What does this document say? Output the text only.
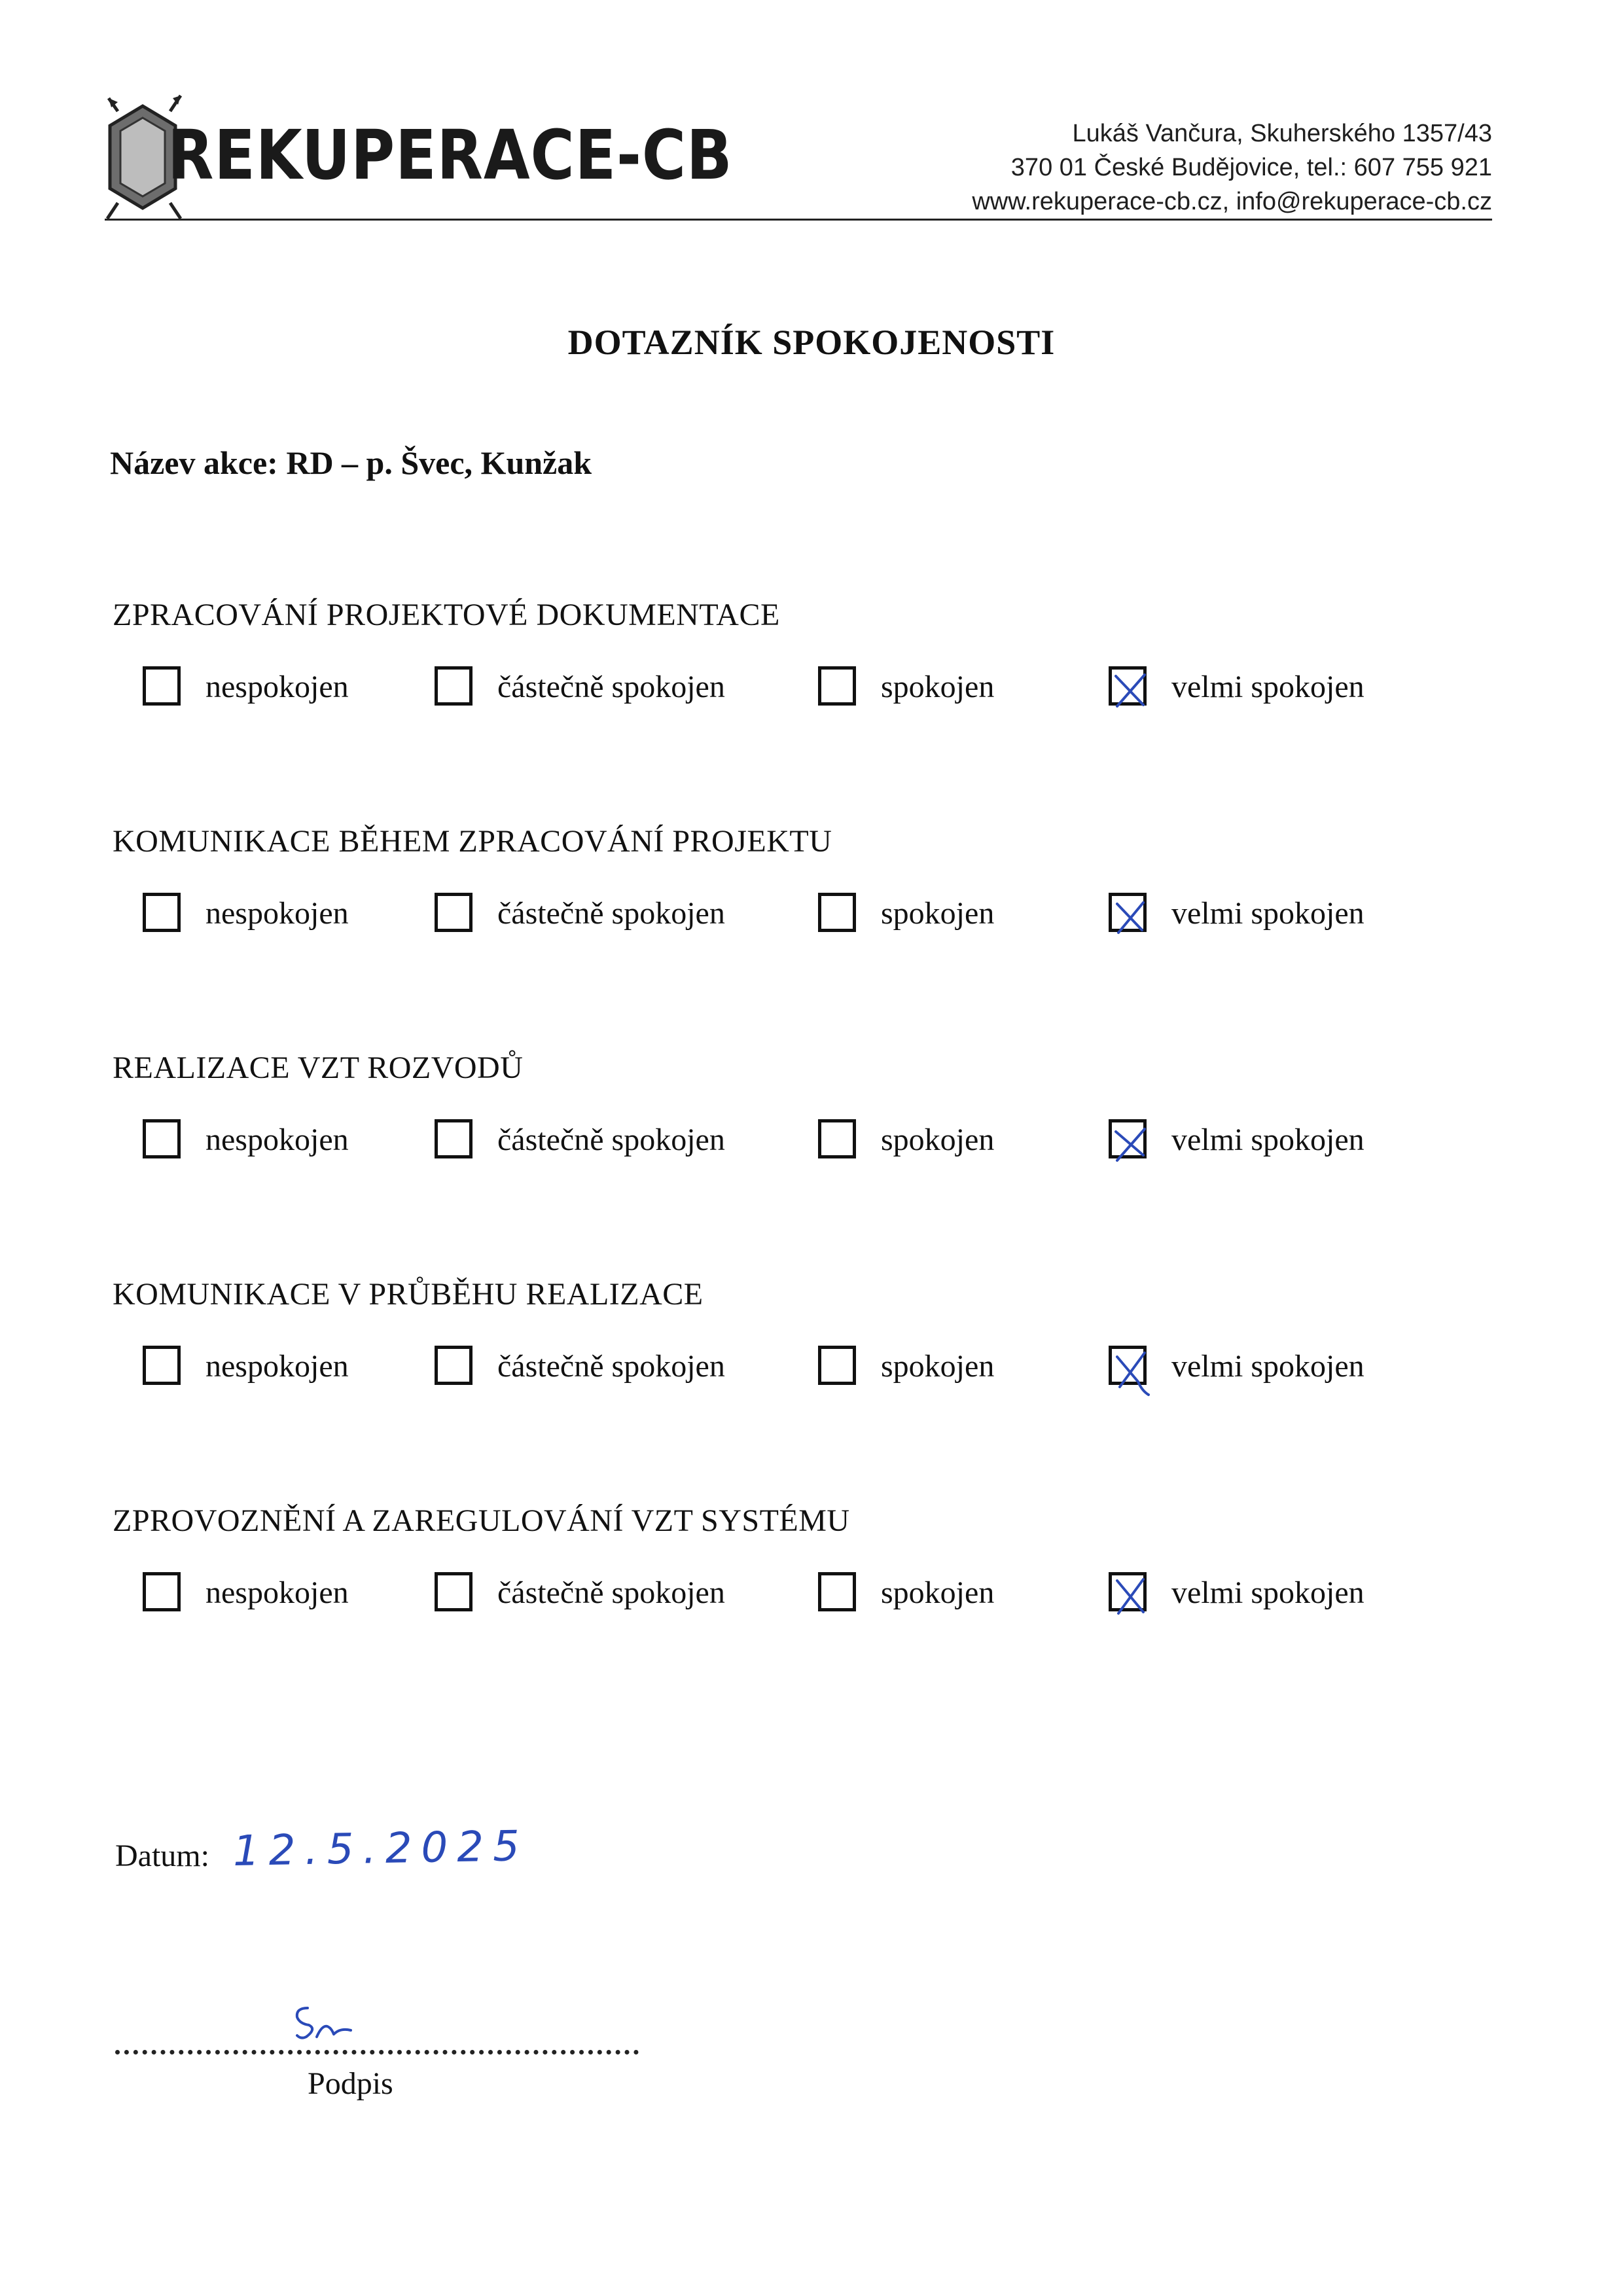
REKUPERACE-CB	Lukáš Vančura, Skuherského 1357/43
370 01 České Budějovice, tel.: 607 755 921
www.rekuperace-cb.cz, info@rekuperace-cb.cz
DOTAZNÍK SPOKOJENOSTI
Název akce: RD – p. Švec, Kunžak
ZPRACOVÁNÍ PROJEKTOVÉ DOKUMENTACE
nespokojen	částečně spokojen	spokojen	velmi spokojen
KOMUNIKACE BĚHEM ZPRACOVÁNÍ PROJEKTU
nespokojen	částečně spokojen	spokojen	velmi spokojen
REALIZACE VZT ROZVODŮ
nespokojen	částečně spokojen	spokojen	velmi spokojen
KOMUNIKACE V PRŮBĚHU REALIZACE
nespokojen	částečně spokojen	spokojen	velmi spokojen
ZPROVOZNĚNÍ A ZAREGULOVÁNÍ VZT SYSTÉMU
nespokojen	částečně spokojen	spokojen	velmi spokojen
Datum: 12.5.2025
Podpis
